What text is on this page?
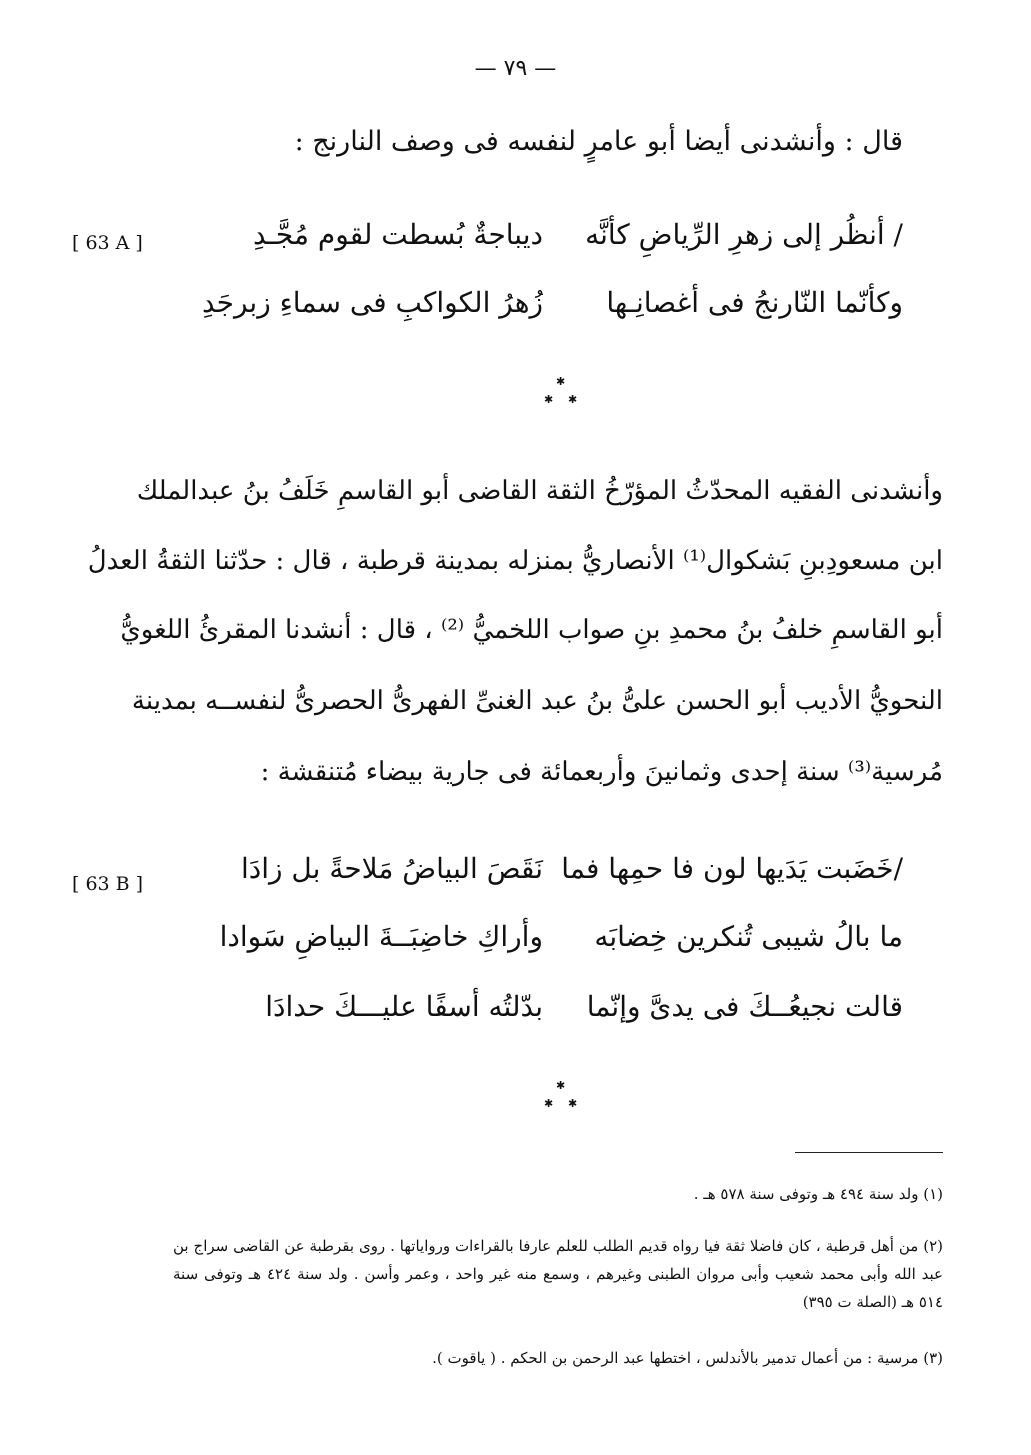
— ٧٩ —
قال : وأنشدنى أيضا أبو عامرٍ لنفسه فى وصف النارنج :
[ 63 A ]	/ أنظُر إلى زهرِ الرِّياضِ كأنَّه
ديباجةٌ بُسطت لقوم مُجَّـدِ
وكأنّما النّارنجُ فى أغصانِـها
زُهرُ الكواكبِ فى سماءِ زبرجَدِ
✱
✱ ✱
وأنشدنى الفقيه المحدّثُ المؤرّخُ الثقة القاضى أبو القاسمِ خَلَفُ بنُ عبدالملك
ابن مسعودِبنِ بَشكوال⁽¹⁾ الأنصاريُّ بمنزله بمدينة قرطبة ، قال : حدّثنا الثقةُ العدلُ
أبو القاسمِ خلفُ بنُ محمدِ بنِ صواب اللخميُّ ⁽²⁾ ، قال : أنشدنا المقرئُ اللغويُّ
النحويُّ الأديب أبو الحسن علىُّ بنُ عبد الغنىِّ الفهرىُّ الحصرىُّ لنفســه بمدينة
مُرسية⁽³⁾ سنة إحدى وثمانينَ وأربعمائة فى جارية بيضاء مُتنقشة :
[ 63 B ]	/خَضَبت يَدَيها لون فا حمِها فما
نَقَصَ البياضُ مَلاحةً بل زادَا
ما بالُ شيبى تُنكرين خِضابَه
وأراكِ خاضِبَــةَ البياضِ سَوادا
قالت نجيعُــكَ فى يدىَّ وإنّما
بدّلتُه أسفًا عليـــكَ حدادَا
✱
✱ ✱
(١) ولد سنة ٤٩٤ هـ وتوفى سنة ٥٧٨ هـ .
(٢) من أهل قرطبة ، كان فاضلا ثقة فيا رواه قديم الطلب للعلم عارفا بالقراءات ورواياتها . روى بقرطبة عن القاضى سراج بن عبد الله وأبى محمد شعيب وأبى مروان الطبنى وغيرهم ، وسمع منه غير واحد ، وعمر وأسن . ولد سنة ٤٢٤ هـ وتوفى سنة ٥١٤ هـ (الصلة ت ٣٩٥)
(٣) مرسية : من أعمال تدمير بالأندلس ، اختطها عبد الرحمن بن الحكم . ( ياقوت ).
